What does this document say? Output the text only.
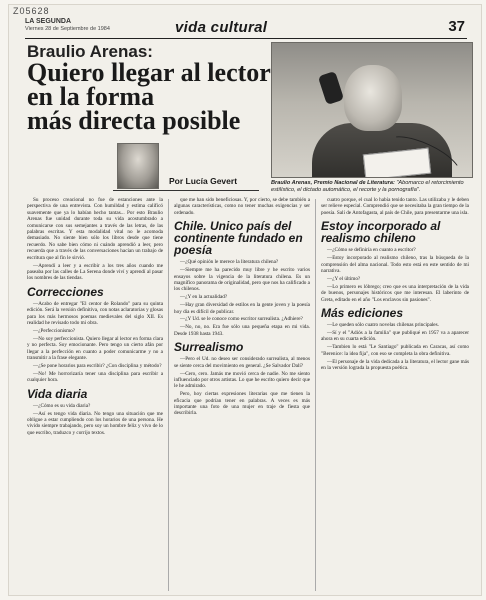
Z05628
LA SEGUNDA
Viernes 28 de Septiembre de 1984	vida cultural	37
Braulio Arenas:
Quiero llegar al lector
en la forma
más directa posible
Por Lucía Gevert	Braulio Arenas, Premio Nacional de Literatura: "Abomarco el retorcimiento estilístico, el dictado automático, el recorte y la pornografía".

Su proceso creacional no fue de estanciones ante la perspectiva de una entrevista. Con humildad y estima calificó suavemente que ya lo habían hecho tantas... Por esto Braulio Arenas fue unidad durante toda su vida acostumbrado a comunicarse con sus semejantes a través de las letras, de las palabras escritas. Y esta modalidad vital no le acomoda demasiado. No siente bien sólo los libros desde que tiene recuerdo. No sabe bien cómo ni cuándo aprendió a leer, pero recuerda que a través de las conversaciones hacían un trabajo de escritura que al fin le sirvió.

—Aprendí a leer y a escribir a los tres años cuando me paseaba por las calles de La Serena donde viví y aprendí al pasar los nombres de las tiendas.

Correcciones

—Acabo de entregar "El centor de Rolando" para su quinta edición. Será la versión definitiva, con notas aclaratorias y glosas para los más hermosos poemas medievales del siglo XII. Es realidad he revisado todo mi obra.

—¿Perfeccionismo?

—No soy perfeccionista. Quiero llegar al lector en forma clara y no perfecta. Soy emocionante. Pero tengo un cierto afán por llegar a la perfección en cuanto a poder comunicarme y no a transmitir a la frase elegante.

—¿Se pone horarios para escribir? ¿Con disciplina y método?

—No! Me horrorizaría tener una disciplina para escribir a cualquier hora.

Vida diaria

—¿Cómo es su vida diaria?

—Así es tengo vida diaria. No tengo una situación que me obligue a estar cumpliendo con los horarios de una persona. He vivido siempre trabajando, pero soy un hombre feliz y vivo de lo que escribo, traduzco y corrijo textos.

que me han sido beneficiosas. Y, por cierto, se debe también a algunas características, como no tener muchas exigencias y ser ordenado.

Chile. Unico país del continente fundado en poesía

—¿Qué opinión le merece la literatura chilena?

—Siempre me ha parecido muy libre y he escrito varios ensayos sobre la vigencia de la literatura chilena. Es un magnífico panorama de originalidad, pero que nos ha calificado a los chilenos.

—¿Y en la actualidad?

—Hay gran diversidad de estilos en la gente joven y la poesía hoy día es difícil de publicar.

—¿Y Ud. se le conoce como escritor surrealista. ¿Adhiere?

—No, no, no. Era fue sólo una pequeña etapa en mi vida. Desde 1938 hasta 1943.

Surrealismo

—Pero el Ud. no deseo ser considerado surrealista, al menos se siente cerca del movimiento en general. ¿Se Salvador Dalí?

—Cero, cero. Jamás me movió cerca de nadie. No me siento influenciado por otros artistas. Lo que he escrito quiero decir que le he admirado.

Pero, hoy ciertas expresiones literarias que me tienen la eficacia que podrían tener en palabras. A veces es más importante una foto de una mujer en traje de fiesta que describirla.

cuatro porque, el cual lo había tenido tanto. Las utilizaba y le deben ser relieve especial. Comprendió que se necesitaba la gran tiempo de la poesía. Salí de Antofagasta, al país de Chile, para presentarme una isla.

Estoy incorporado al realismo chileno

—¿Cómo se definiría en cuanto a escritor?

—Estoy incorporado al realismo chileno, tras la búsqueda de la comprensión del alma nacional. Todo esto está en este sentido de mi narrativa.

—¿Y el último?

—Lo primero es lóbrego; creo que es una interpretación de la vida de buenos, personajes históricos que me interesan. El laberinto de Greta, editado en el año "Los enclavos sin pasiones".

Más ediciones

—Le queden sólo cuatro novelas chilenas principales.

—Sí y el "Adiós a la familia" que publiqué en 1957 va a aparecer ahora en su cuarta edición.

—Tambien lo está "Le Santiago" publicada en Caracas, así como "Berenice: la idea fija", con eso se completa la obra definitiva.

—El personaje de la vida dedicada a la literatura, el lector gane más en la versión lograda la propuesta poética.
